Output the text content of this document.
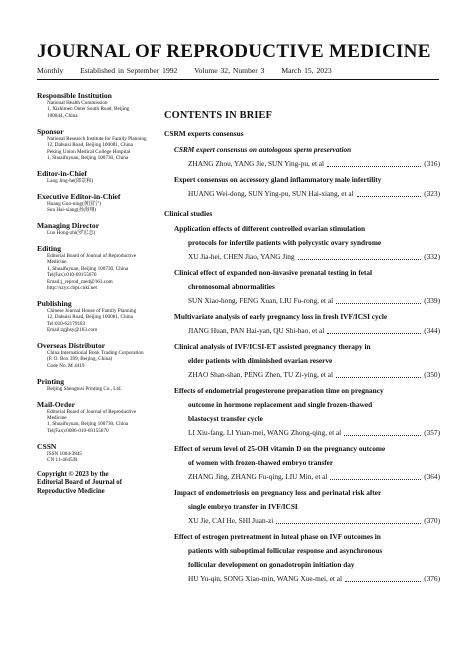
JOURNAL OF REPRODUCTIVE MEDICINE
Monthly Established in September 1992 Volume 32, Number 3 March 15, 2023
Responsible Institution
National Health Commission
1, Xizhimen Outer South Road, Beijing
100044, China
Sponsor
National Research Institute for Family Planning
12, Dahuisi Road, Beijing 100081, China
Peking Union Medical College Hospital
1, Shuaifuyuan, Beijing 100730, China
Editor-in-Chief
Lang Jing-he(郎景和)
Executive Editor-in-Chief
Huang Guo-ning(黄国宁)
Sun Hai-xiang(孙海翔)
Managing Director
Luo Hong-zhi(罗宏志)
Editing
Editorial Board of Journal of Reproductive Medicine
1, Shuaifuyuan, Beijing 100730, China
Tel(Fax):010-69155670
Email:j_reprod_med@163.com
http://szyx.cbpt.cnki.net
Publishing
Chinese Journal House of Family Planning
12, Dahuisi Road, Beijing 100081, China
Tel:010-62179183
Email:zgjhsy@163.com
Overseas Distributor
China International Book Trading Corporation
(P. O. Box 399, Beijing, China)
Code No. M 4419
Printing
Beijing Shengtusi Printing Co., Ltd.
Mail-Order
Editorial Board of Journal of Reproductive Medicine
1, Shuaifuyuan, Beijing 100730, China
Tel(Fax):0086-010-69155670
CSSN
ISSN 1004-3845
CN 11-4645/R
Copyright © 2023 by the
Editorial Board of Journal of
Reproductive Medicine
CONTENTS IN BRIEF
CSRM experts consensus
CSRM expert consensus on autologous sperm preservation
ZHANG Zhou, YANG Jie, SUN Ying-pu, et al	(316)
Expert consensus on accessory gland inflammatory male infertility
HUANG Wei-dong, SUN Ying-pu, SUN Hai-xiang, et al	(323)
Clinical studies
Application effects of different controlled ovarian stimulation
protocols for infertile patients with polycystic ovary syndrome
XU Jia-hei, CHEN Jiao, YANG Jing	(332)
Clinical effect of expanded non-invasive prenatal testing in fetal
chromosomal abnormalities
SUN Xiao-hong, FENG Xuan, LIU Fu-rong, et al	(339)
Multivariate analysis of early pregnancy loss in fresh IVF/ICSI cycle
JIANG Huan, PAN Hai-yan, QU Shi-hao, et al	(344)
Clinical analysis of IVF/ICSI-ET assisted pregnancy therapy in
elder patients with diminished ovarian reserve
ZHAO Shan-shan, PENG Zhen, TU Zi-ying, et al	(350)
Effects of endometrial progesterone preparation time on pregnancy
outcome in hormone replacement and single frozen-thawed
blastocyst transfer cycle
LI Xiu-fang, LI Yuan-mei, WANG Zhong-qing, et al	(357)
Effect of serum level of 25-OH vitamin D on the pregnancy outcome
of women with frozen-thawed embryo transfer
ZHANG Jing, ZHANG Fu-qing, LIU Min, et al	(364)
Impact of endometriosis on pregnancy loss and perinatal risk after
single embryo transfer in IVF/ICSI
XU Jie, CAI He, SHI Juan-zi	(370)
Effect of estrogen pretreatment in luteal phase on IVF outcomes in
patients with suboptimal follicular response and asynchronous
follicular development on gonadotropin initiation day
HU Yu-qin, SONG Xiao-min, WANG Xue-mei, et al	(376)
